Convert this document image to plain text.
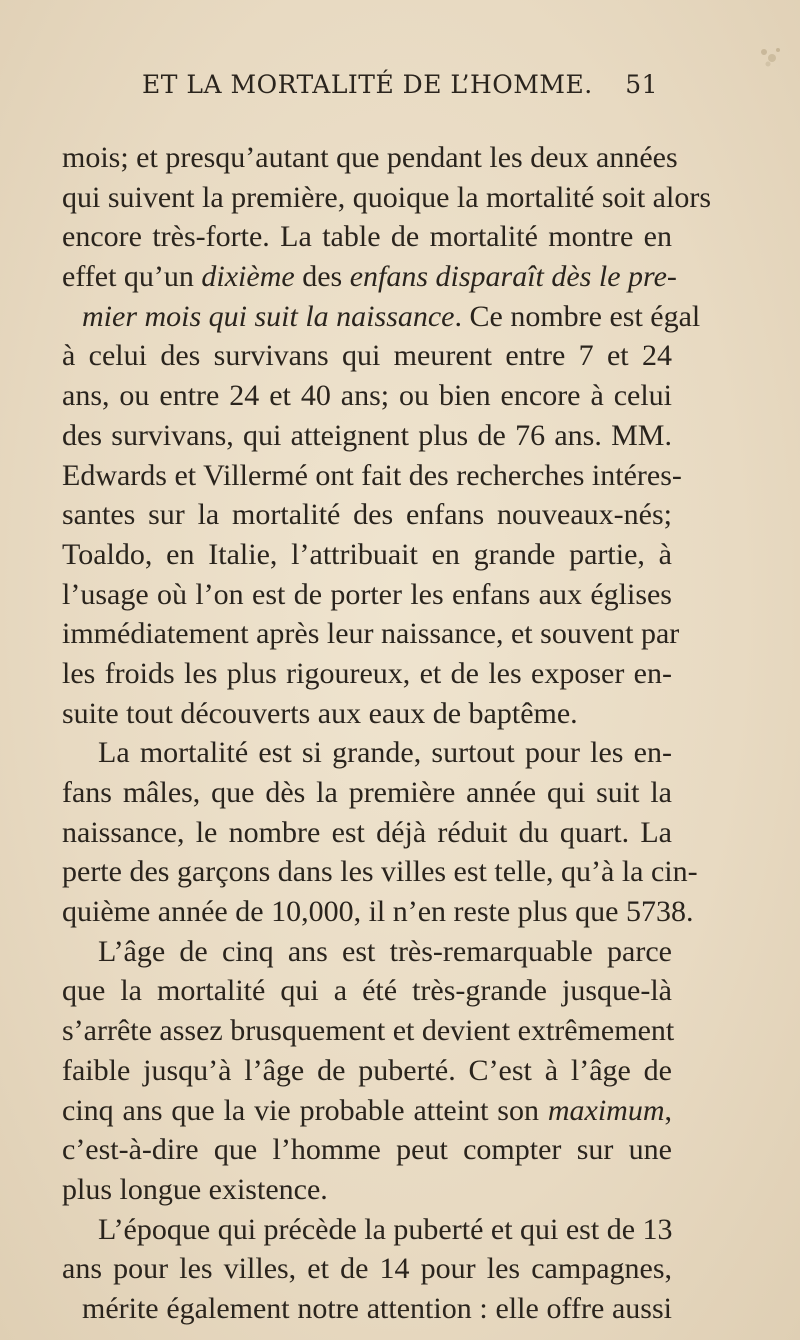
ET LA MORTALITÉ DE L’HOMME. 51
mois; et presqu’autant que pendant les deux années
qui suivent la première, quoique la mortalité soit alors
encore très-forte. La table de mortalité montre en
effet qu’un dixième des enfans disparaît dès le pre-
mier mois qui suit la naissance. Ce nombre est égal
à celui des survivans qui meurent entre 7 et 24
ans, ou entre 24 et 40 ans; ou bien encore à celui
des survivans, qui atteignent plus de 76 ans. MM.
Edwards et Villermé ont fait des recherches intéres-
santes sur la mortalité des enfans nouveaux-nés;
Toaldo, en Italie, l’attribuait en grande partie, à
l’usage où l’on est de porter les enfans aux églises
immédiatement après leur naissance, et souvent par
les froids les plus rigoureux, et de les exposer en-
suite tout découverts aux eaux de baptême.
La mortalité est si grande, surtout pour les en-
fans mâles, que dès la première année qui suit la
naissance, le nombre est déjà réduit du quart. La
perte des garçons dans les villes est telle, qu’à la cin-
quième année de 10,000, il n’en reste plus que 5738.
L’âge de cinq ans est très-remarquable parce
que la mortalité qui a été très-grande jusque-là
s’arrête assez brusquement et devient extrêmement
faible jusqu’à l’âge de puberté. C’est à l’âge de
cinq ans que la vie probable atteint son maximum,
c’est-à-dire que l’homme peut compter sur une
plus longue existence.
L’époque qui précède la puberté et qui est de 13
ans pour les villes, et de 14 pour les campagnes,
mérite également notre attention : elle offre aussi
